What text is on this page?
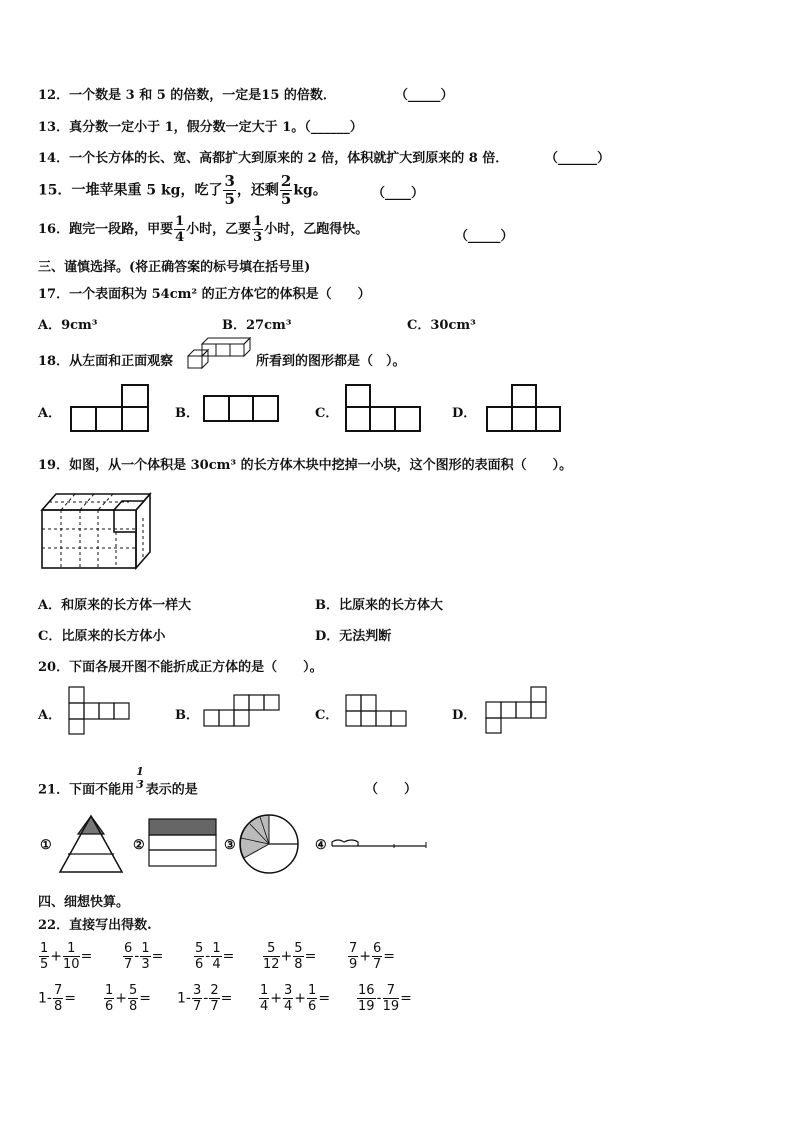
12．一个数是 3 和 5 的倍数，一定是15 的倍数．	（_____）
13．真分数一定小于 1，假分数一定大于 1。（______）
14．一个长方体的长、宽、高都扩大到原来的 2 倍，体积就扩大到原来的 8 倍．	（______）
15．一堆苹果重 5 kg，吃了 $\frac{3}{5}$ ，还剩 $\frac{2}{5}$ kg。	（____）
16．跑完一段路，甲要 $\frac{1}{4}$ 小时，乙要 $\frac{1}{3}$ 小时，乙跑得快。	（_____）
三、谨慎选择。(将正确答案的标号填在括号里)
17．一个表面积为 54cm² 的正方体它的体积是（　　）
A．9cm³	B．27cm³	C．30cm³
18．从左面和正面观察	所看到的图形都是（　）。
A．	B．	C．	D．
19．如图，从一个体积是 30cm³ 的长方体木块中挖掉一小块，这个图形的表面积（　　）。
A．和原来的长方体一样大	B．比原来的长方体大
C．比原来的长方体小	D．无法判断
20．下面各展开图不能折成正方体的是（　　）。
A．	B．	C．	D．
21．下面不能用
1
3 表示的是	（　　）
①	②	③	④
四、细想快算。
22．直接写出得数.
$\frac{1}{5} + \frac{1}{10} = \frac{6}{7} - \frac{1}{3} = \frac{5}{6} - \frac{1}{4} = \frac{5}{12} + \frac{5}{8} = \frac{7}{9} + \frac{6}{7}$ =
$1- \frac{7}{8} = \frac{1}{6} + \frac{5}{8} = 1- \frac{3}{7} - \frac{2}{7} = \frac{1}{4} + \frac{3}{4} + \frac{1}{6} = \frac{16}{19} - \frac{7}{19}$ =
